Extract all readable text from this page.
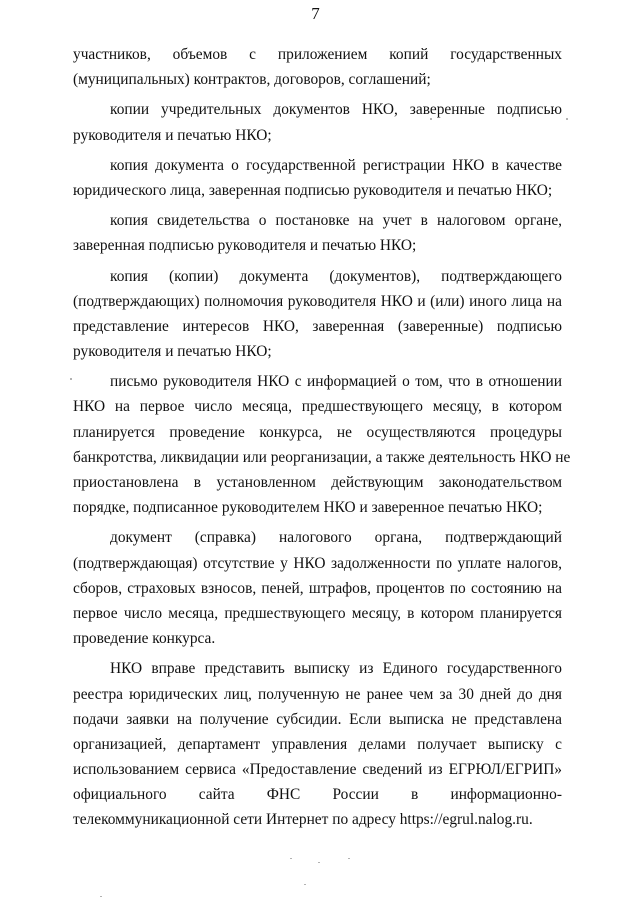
7
участников, объемов с приложением копий государственных
(муниципальных) контрактов, договоров, соглашений;
копии учредительных документов НКО, заверенные подписью
руководителя и печатью НКО;
копия документа о государственной регистрации НКО в качестве
юридического лица, заверенная подписью руководителя и печатью НКО;
копия свидетельства о постановке на учет в налоговом органе,
заверенная подписью руководителя и печатью НКО;
копия (копии) документа (документов), подтверждающего
(подтверждающих) полномочия руководителя НКО и (или) иного лица на
представление интересов НКО, заверенная (заверенные) подписью
руководителя и печатью НКО;
письмо руководителя НКО с информацией о том, что в отношении
НКО на первое число месяца, предшествующего месяцу, в котором
планируется проведение конкурса, не осуществляются процедуры
банкротства, ликвидации или реорганизации, а также деятельность НКО не
приостановлена в установленном действующим законодательством
порядке, подписанное руководителем НКО и заверенное печатью НКО;
документ (справка) налогового органа, подтверждающий
(подтверждающая) отсутствие у НКО задолженности по уплате налогов,
сборов, страховых взносов, пеней, штрафов, процентов по состоянию на
первое число месяца, предшествующего месяцу, в котором планируется
проведение конкурса.
НКО вправе представить выписку из Единого государственного
реестра юридических лиц, полученную не ранее чем за 30 дней до дня
подачи заявки на получение субсидии. Если выписка не представлена
организацией, департамент управления делами получает выписку с
использованием сервиса «Предоставление сведений из ЕГРЮЛ/ЕГРИП»
официального сайта ФНС России в информационно-
телекоммуникационной сети Интернет по адресу https://egrul.nalog.ru.
